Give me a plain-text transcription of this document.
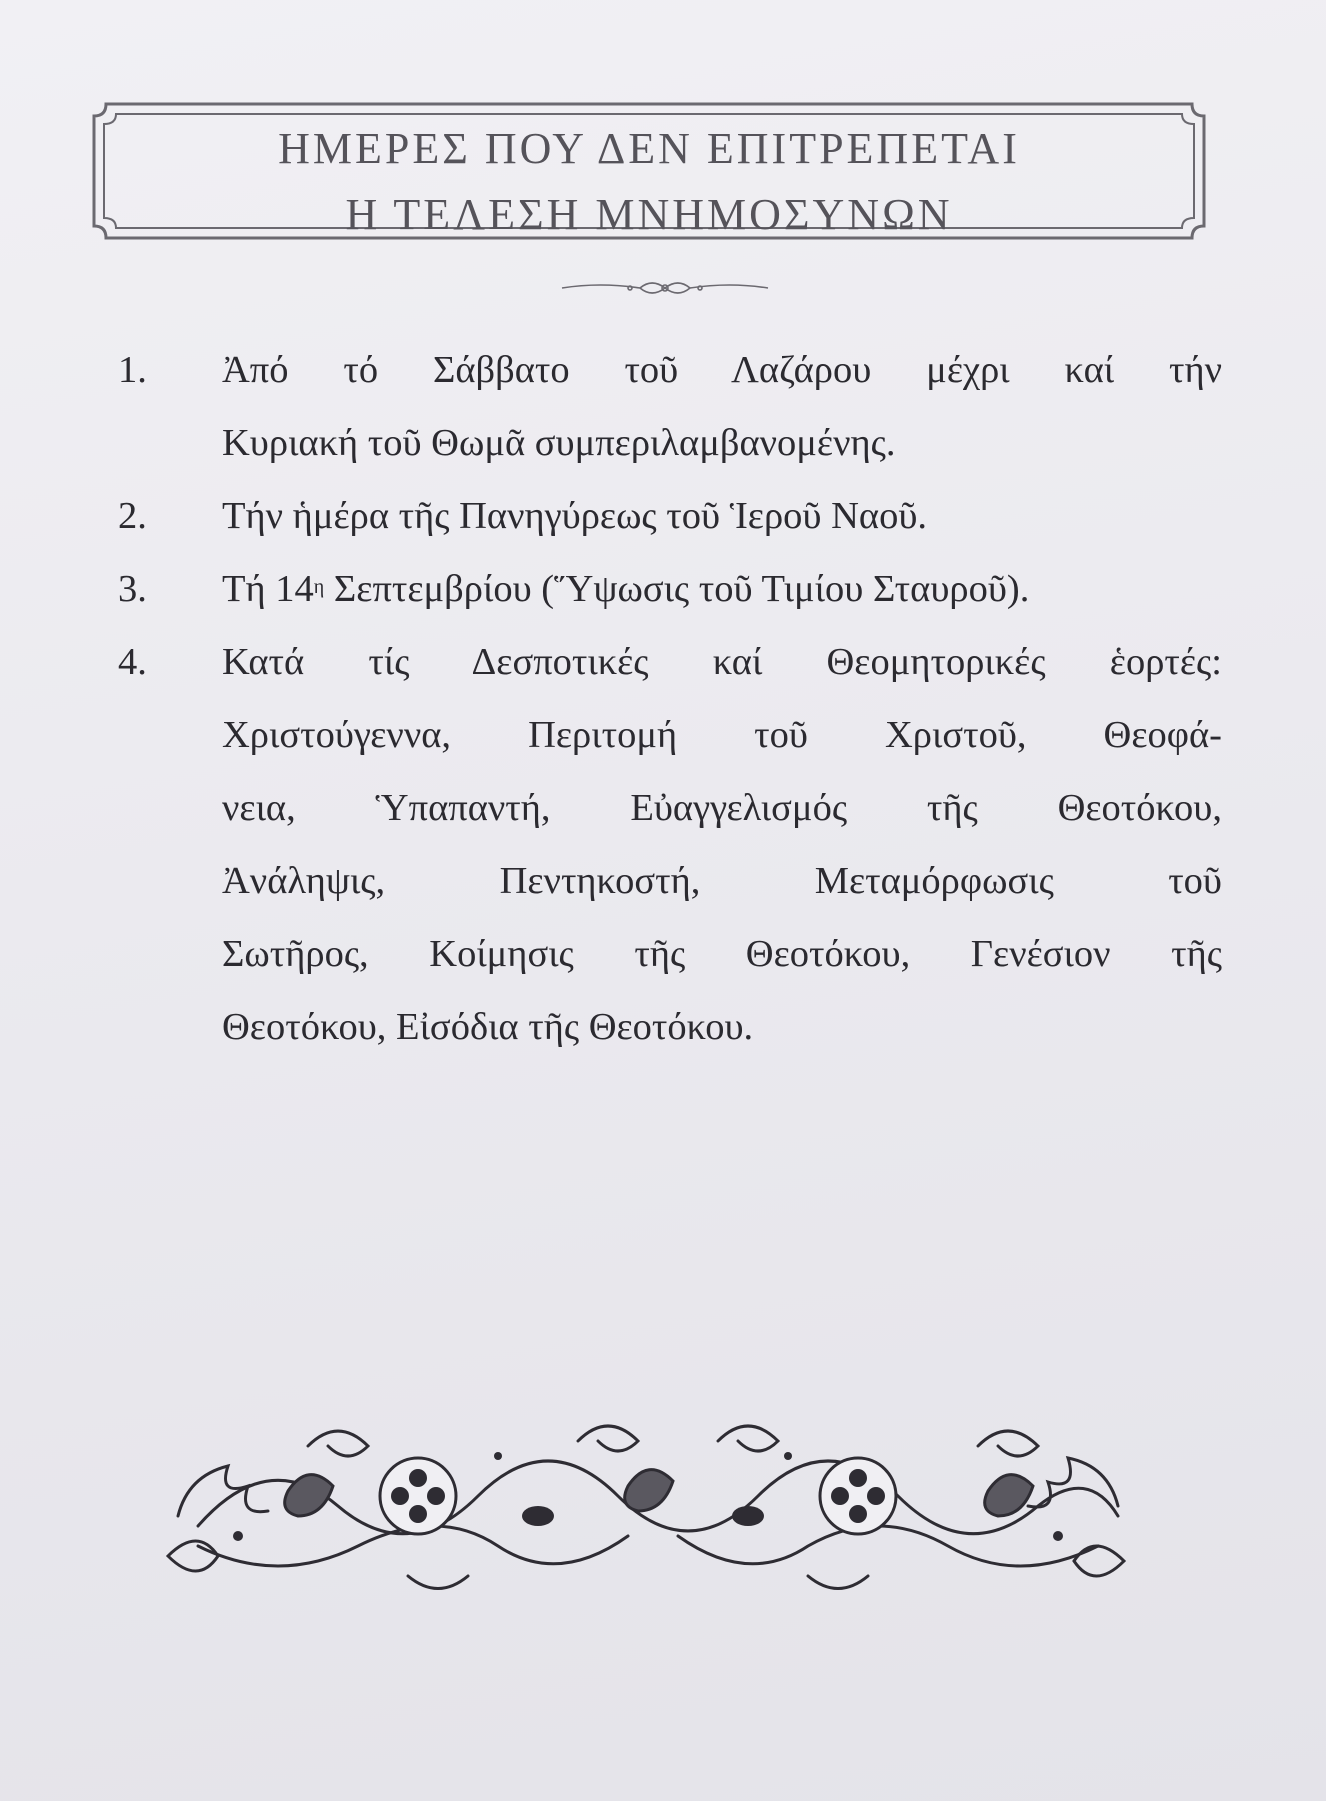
ΗΜΕΡΕΣ ΠΟΥ ΔΕΝ ΕΠΙΤΡΕΠΕΤΑΙ
Η ΤΕΛΕΣΗ ΜΝΗΜΟΣΥΝΩΝ
1.	Ἀπό τό Σάββατο τοῦ Λαζάρου μέχρι καί τήν
Κυριακή τοῦ Θωμᾶ συμπεριλαμβανομένης.
2.	Τήν ἡμέρα τῆς Πανηγύρεως τοῦ Ἱεροῦ Ναοῦ.
3.	Τή $14^\eta$ Σεπτεμβρίου (Ὕψωσις τοῦ Τιμίου Σταυροῦ).
4.	Κατά τίς Δεσποτικές καί Θεομητορικές ἑορτές:
Χριστούγεννα, Περιτομή τοῦ Χριστοῦ, Θεοφά-
νεια, Ὑπαπαντή, Εὐαγγελισμός τῆς Θεοτόκου,
Ἀνάληψις, Πεντηκοστή, Μεταμόρφωσις τοῦ
Σωτῆρος, Κοίμησις τῆς Θεοτόκου, Γενέσιον τῆς
Θεοτόκου, Εἰσόδια τῆς Θεοτόκου.
